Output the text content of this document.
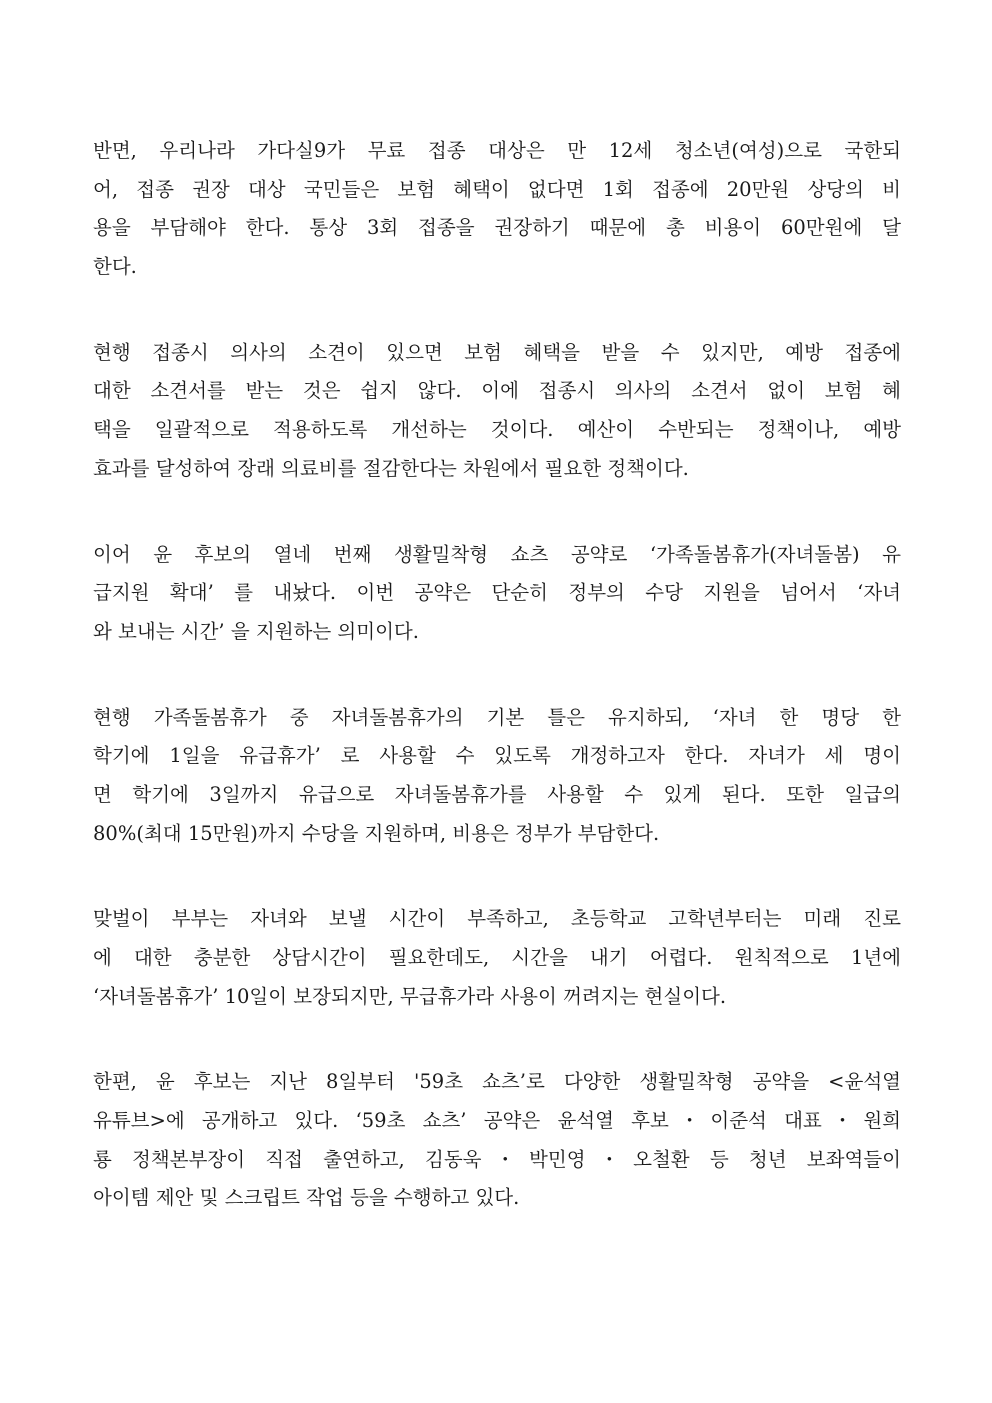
반면, 우리나라 가다실9가 무료 접종 대상은 만 12세 청소년(여성)으로 국한되
어, 접종 권장 대상 국민들은 보험 혜택이 없다면 1회 접종에 20만원 상당의 비
용을 부담해야 한다. 통상 3회 접종을 권장하기 때문에 총 비용이 60만원에 달
한다.
현행 접종시 의사의 소견이 있으면 보험 혜택을 받을 수 있지만, 예방 접종에
대한 소견서를 받는 것은 쉽지 않다. 이에 접종시 의사의 소견서 없이 보험 혜
택을 일괄적으로 적용하도록 개선하는 것이다. 예산이 수반되는 정책이나, 예방
효과를 달성하여 장래 의료비를 절감한다는 차원에서 필요한 정책이다.
이어 윤 후보의 열네 번째 생활밀착형 쇼츠 공약로 ‘가족돌봄휴가(자녀돌봄) 유
급지원 확대’ 를 내놨다. 이번 공약은 단순히 정부의 수당 지원을 넘어서 ‘자녀
와 보내는 시간’ 을 지원하는 의미이다.
현행 가족돌봄휴가 중 자녀돌봄휴가의 기본 틀은 유지하되, ‘자녀 한 명당 한
학기에 1일을 유급휴가’ 로 사용할 수 있도록 개정하고자 한다. 자녀가 세 명이
면 학기에 3일까지 유급으로 자녀돌봄휴가를 사용할 수 있게 된다. 또한 일급의
80%(최대 15만원)까지 수당을 지원하며, 비용은 정부가 부담한다.
맞벌이 부부는 자녀와 보낼 시간이 부족하고, 초등학교 고학년부터는 미래 진로
에 대한 충분한 상담시간이 필요한데도, 시간을 내기 어렵다. 원칙적으로 1년에
‘자녀돌봄휴가’ 10일이 보장되지만, 무급휴가라 사용이 꺼려지는 현실이다.
한편, 윤 후보는 지난 8일부터 '59초 쇼츠’로 다양한 생활밀착형 공약을 <윤석열
유튜브>에 공개하고 있다. ‘59초 쇼츠’ 공약은 윤석열 후보・이준석 대표・원희
룡 정책본부장이 직접 출연하고, 김동욱・박민영・오철환 등 청년 보좌역들이
아이템 제안 및 스크립트 작업 등을 수행하고 있다.
